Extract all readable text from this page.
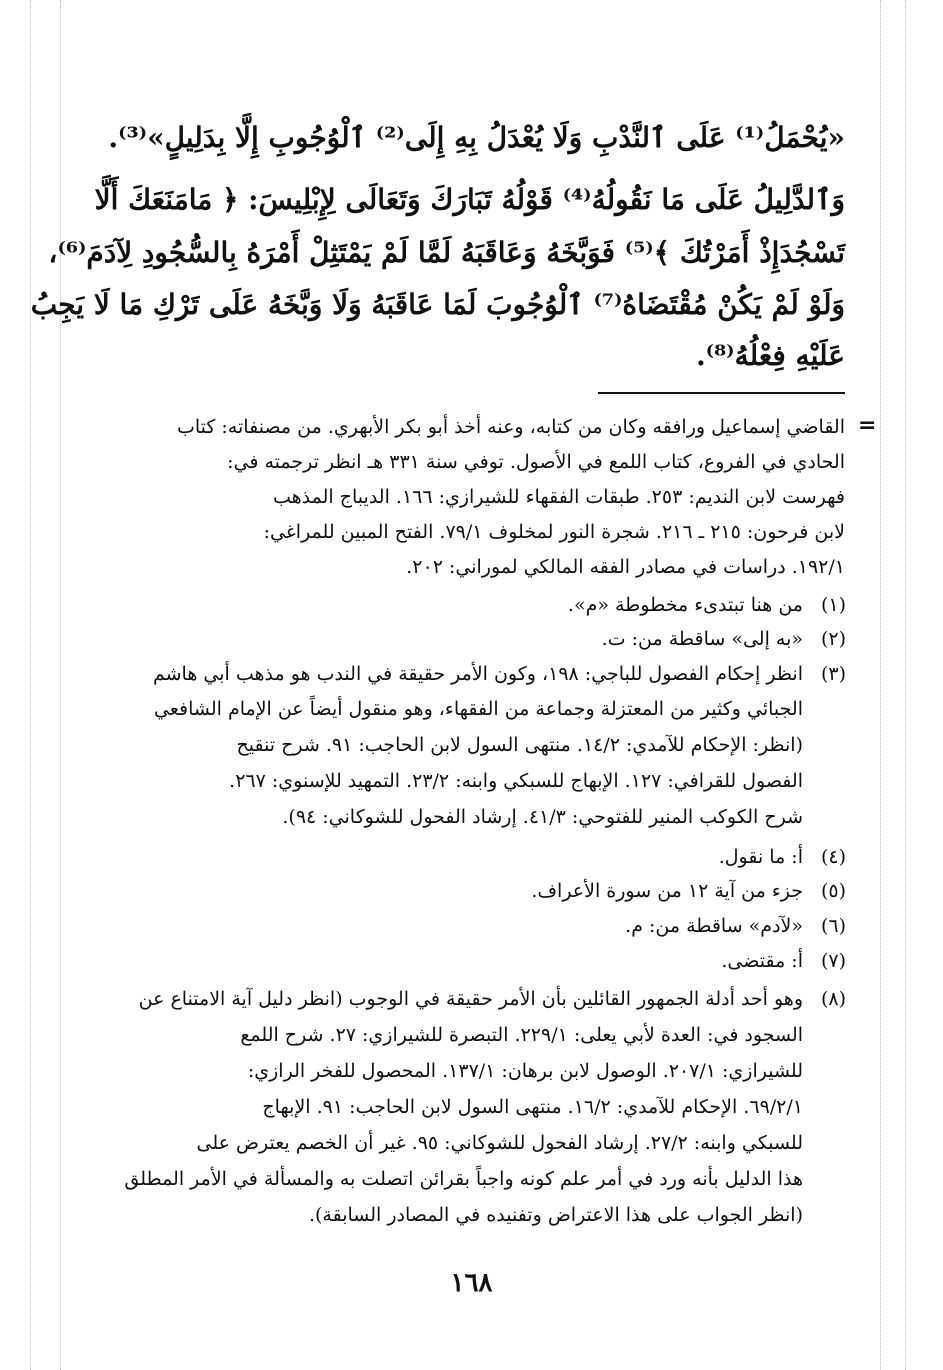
«يُحْمَلُ⁽¹⁾ عَلَى ٱلنَّدْبِ وَلَا يُعْدَلُ بِهِ إِلَى⁽²⁾ ٱلْوُجُوبِ إِلَّا بِدَلِيلٍ»⁽³⁾.
وَٱلدَّلِيلُ عَلَى مَا نَقُولُهُ⁽⁴⁾ قَوْلُهُ تَبَارَكَ وَتَعَالَى لِإِبْلِيسَ: ﴿ مَامَنَعَكَ أَلَّا
تَسْجُدَإِذْ أَمَرْتُكَ ﴾⁽⁵⁾ فَوَبَّخَهُ وَعَاقَبَهُ لَمَّا لَمْ يَمْتَثِلْ أَمْرَهُ بِالسُّجُودِ لِآدَمَ⁽⁶⁾،
وَلَوْ لَمْ يَكُنْ مُقْتَضَاهُ⁽⁷⁾ ٱلْوُجُوبَ لَمَا عَاقَبَهُ وَلَا وَبَّخَهُ عَلَى تَرْكِ مَا لَا يَجِبُ
عَلَيْهِ فِعْلُهُ⁽⁸⁾.
=
القاضي إسماعيل ورافقه وكان من كتابه، وعنه أخذ أبو بكر الأبهري. من مصنفاته: كتاب
الحادي في الفروع، كتاب اللمع في الأصول. توفي سنة ٣٣١ هـ انظر ترجمته في:
فهرست لابن النديم: ٢٥٣. طبقات الفقهاء للشيرازي: ١٦٦. الديباج المذهب
لابن فرحون: ٢١٥ ـ ٢١٦. شجرة النور لمخلوف ٧٩/١. الفتح المبين للمراغي:
١٩٢/١. دراسات في مصادر الفقه المالكي لموراني: ٢٠٢.
(١)
(٢)
(٣)
(٤)
(٥)
(٦)
(٧)
(٨)
من هنا تبتدىء مخطوطة «م».
«به إلى» ساقطة من: ت.
انظر إحكام الفصول للباجي: ١٩٨، وكون الأمر حقيقة في الندب هو مذهب أبي هاشم
الجبائي وكثير من المعتزلة وجماعة من الفقهاء، وهو منقول أيضاً عن الإمام الشافعي
(انظر: الإحكام للآمدي: ١٤/٢. منتهى السول لابن الحاجب: ٩١. شرح تنقيح
الفصول للقرافي: ١٢٧. الإبهاج للسبكي وابنه: ٢٣/٢. التمهيد للإسنوي: ٢٦٧.
شرح الكوكب المنير للفتوحي: ٤١/٣. إرشاد الفحول للشوكاني: ٩٤).
أ: ما نقول.
جزء من آية ١٢ من سورة الأعراف.
«لآدم» ساقطة من: م.
أ: مقتضى.
وهو أحد أدلة الجمهور القائلين بأن الأمر حقيقة في الوجوب (انظر دليل آية الامتناع عن
السجود في: العدة لأبي يعلى: ٢٢٩/١. التبصرة للشيرازي: ٢٧. شرح اللمع
للشيرازي: ٢٠٧/١. الوصول لابن برهان: ١٣٧/١. المحصول للفخر الرازي:
٦٩/٢/١. الإحكام للآمدي: ١٦/٢. منتهى السول لابن الحاجب: ٩١. الإبهاج
للسبكي وابنه: ٢٧/٢. إرشاد الفحول للشوكاني: ٩٥. غير أن الخصم يعترض على
هذا الدليل بأنه ورد في أمر علم كونه واجباً بقرائن اتصلت به والمسألة في الأمر المطلق
(انظر الجواب على هذا الاعتراض وتفنيده في المصادر السابقة).
١٦٨
